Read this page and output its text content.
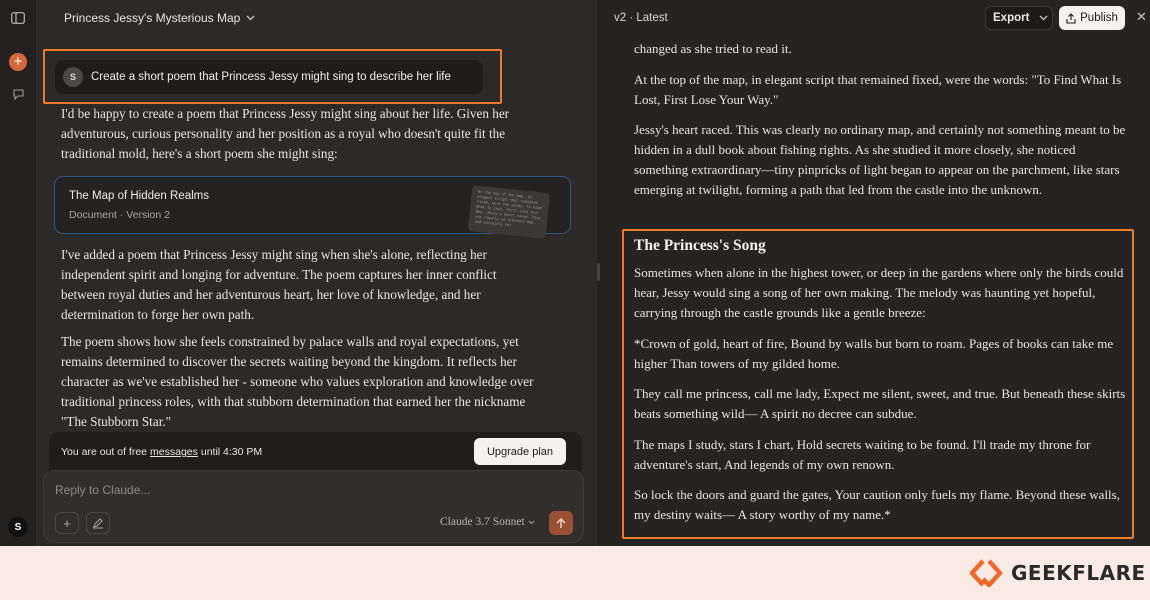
+
S
Princess Jessy's Mysterious Map
S	Create a short poem that Princess Jessy might sing to describe her life

I'd be happy to create a poem that Princess Jessy might sing about her life. Given her adventurous, curious personality and her position as a royal who doesn't quite fit the traditional mold, here's a short poem she might sing:

The Map of Hidden Realms
Document · Version 2
At the top of the map, in elegant script that remained fixed, were the words: To Find What Is Lost, First Lose Your Way. Jessy's heart raced. This was clearly no ordinary map, and certainly not

I've added a poem that Princess Jessy might sing when she's alone, reflecting her independent spirit and longing for adventure. The poem captures her inner conflict between royal duties and her adventurous heart, her love of knowledge, and her determination to forge her own path.

The poem shows how she feels constrained by palace walls and royal expectations, yet remains determined to discover the secrets waiting beyond the kingdom. It reflects her character as we've established her - someone who values exploration and knowledge over traditional princess roles, with that stubborn determination that earned her the nickname "The Stubborn Star."

You are out of free messages until 4:30 PM	Upgrade plan
Reply to Claude...
+	Claude 3.7 Sonnet
v2 · Latest	Export	Publish ✕

changed as she tried to read it.

At the top of the map, in elegant script that remained fixed, were the words: "To Find What Is Lost, First Lose Your Way."

Jessy's heart raced. This was clearly no ordinary map, and certainly not something meant to be hidden in a dull book about fishing rights. As she studied it more closely, she noticed something extraordinary—tiny pinpricks of light began to appear on the parchment, like stars emerging at twilight, forming a path that led from the castle into the unknown.

The Princess's Song

Sometimes when alone in the highest tower, or deep in the gardens where only the birds could hear, Jessy would sing a song of her own making. The melody was haunting yet hopeful, carrying through the castle grounds like a gentle breeze:

*Crown of gold, heart of fire, Bound by walls but born to roam. Pages of books can take me higher Than towers of my gilded home.

They call me princess, call me lady, Expect me silent, sweet, and true. But beneath these skirts beats something wild— A spirit no decree can subdue.

The maps I study, stars I chart, Hold secrets waiting to be found. I'll trade my throne for adventure's start, And legends of my own renown.

So lock the doors and guard the gates, Your caution only fuels my flame. Beyond these walls, my destiny waits— A story worthy of my name.*

GEEKFLARE
